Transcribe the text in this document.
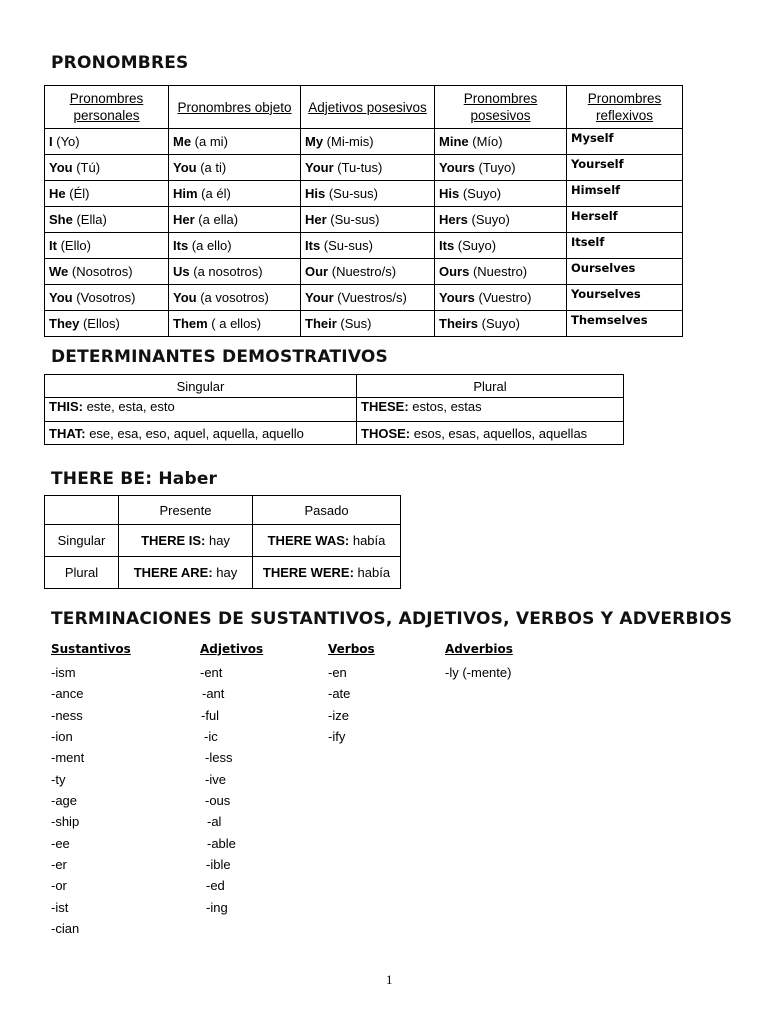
PRONOMBRES
Pronombres personales	Pronombres objeto	Adjetivos posesivos	Pronombres posesivos	Pronombres reflexivos
I (Yo)	Me (a mi)	My (Mi-mis)	Mine (Mío)	Myself
You (Tú)	You (a ti)	Your (Tu-tus)	Yours (Tuyo)	Yourself
He (Él)	Him (a él)	His (Su-sus)	His (Suyo)	Himself
She (Ella)	Her (a ella)	Her (Su-sus)	Hers (Suyo)	Herself
It (Ello)	Its (a ello)	Its (Su-sus)	Its (Suyo)	Itself
We (Nosotros)	Us (a nosotros)	Our (Nuestro/s)	Ours (Nuestro)	Ourselves
You (Vosotros)	You (a vosotros)	Your (Vuestros/s)	Yours (Vuestro)	Yourselves
They (Ellos)	Them ( a ellos)	Their (Sus)	Theirs (Suyo)	Themselves
DETERMINANTES DEMOSTRATIVOS
Singular	Plural
THIS: este, esta, esto	THESE: estos, estas
THAT: ese, esa, eso, aquel, aquella, aquello	THOSE: esos, esas, aquellos, aquellas
THERE BE: Haber
	Presente	Pasado
Singular	THERE IS: hay	THERE WAS: había
Plural	THERE ARE: hay	THERE WERE: había
TERMINACIONES DE SUSTANTIVOS, ADJETIVOS, VERBOS Y ADVERBIOS
Sustantivos
-ism
-ance
-ness
-ion
-ment
-ty
-age
-ship
-ee
-er
-or
-ist
-cian
Adjetivos
-ent
-ant
-ful
-ic
-less
-ive
-ous
-al
-able
-ible
-ed
-ing
Verbos
-en
-ate
-ize
-ify
Adverbios
-ly (-mente)
1
